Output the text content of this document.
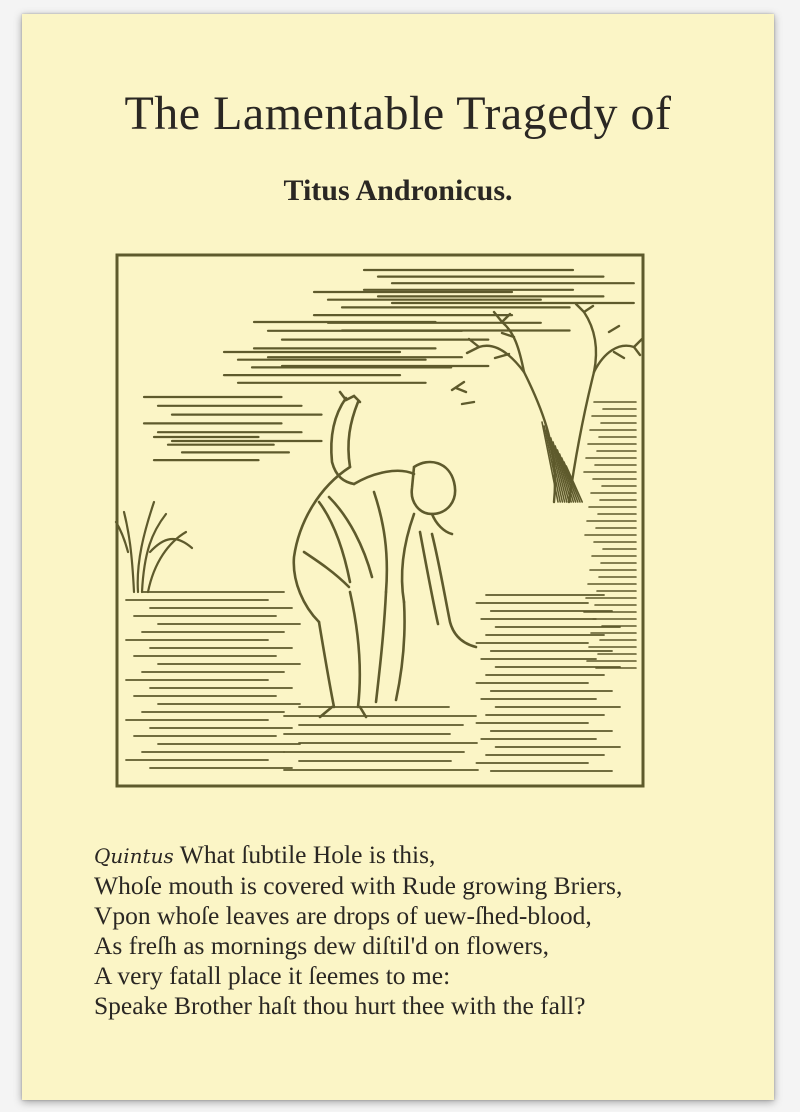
The Lamentable Tragedy of
Titus Andronicus.
Quintus What ſubtile Hole is this,
Whoſe mouth is covered with Rude growing Briers,
Vpon whoſe leaves are drops of uew-ſhed-blood,
As freſh as mornings dew diſtil'd on flowers,
A very fatall place it ſeemes to me:
Speake Brother haſt thou hurt thee with the fall?
